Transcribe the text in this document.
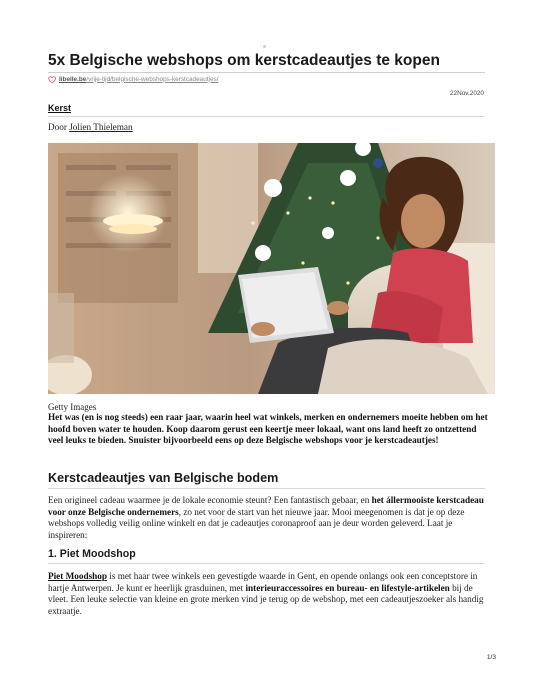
5x Belgische webshops om kerstcadeautjes te kopen
libelle.be /vrije-tijd/belgische-webshops-kerstcadeautjes/
22Nov.2020
Kerst
Door Jolien Thieleman
Getty Images

Het was (en is nog steeds) een raar jaar, waarin heel wat winkels, merken en ondernemers moeite hebben om het hoofd boven water te houden. Koop daarom gerust een keertje meer lokaal, want ons land heeft zo ontzettend veel leuks te bieden. Snuister bijvoorbeeld eens op deze Belgische webshops voor je kerstcadeautjes!

Kerstcadeautjes van Belgische bodem

Een origineel cadeau waarmee je de lokale economie steunt? Een fantastisch gebaar, en het állermooiste kerstcadeau voor onze Belgische ondernemers, zo net voor de start van het nieuwe jaar. Mooi meegenomen is dat je op deze webshops volledig veilig online winkelt en dat je cadeautjes coronaproof aan je deur worden geleverd. Laat je inspireren:

1. Piet Moodshop

Piet Moodshop is met haar twee winkels een gevestigde waarde in Gent, en opende onlangs ook een conceptstore in hartje Antwerpen. Je kunt er heerlijk grasduinen, met interieuraccessoires en bureau- en lifestyle-artikelen bij de vleet. Een leuke selectie van kleine en grote merken vind je terug op de webshop, met een cadeautjeszoeker als handig extraatje.

1/3
